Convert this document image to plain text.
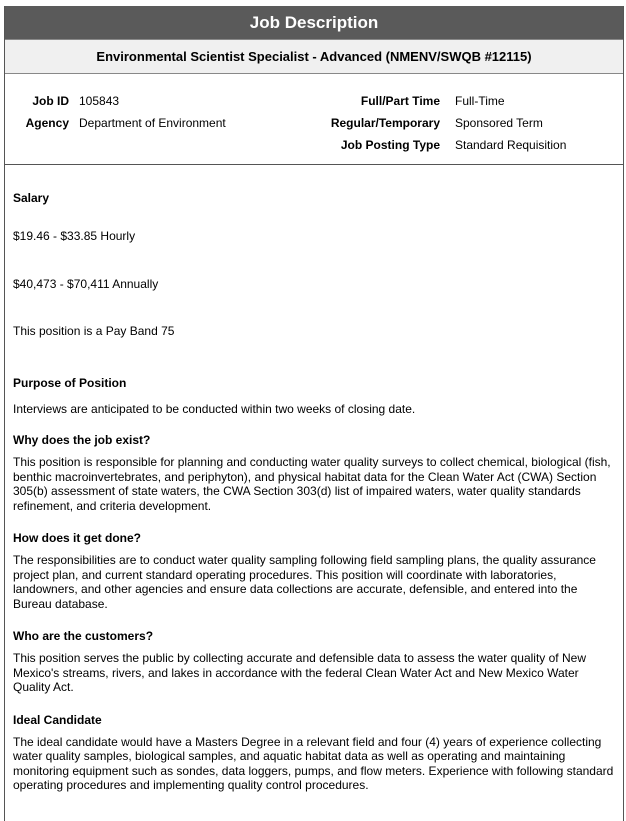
Job Description
Environmental Scientist Specialist - Advanced (NMENV/SWQB #12115)
Job ID 105843
Agency Department of Environment
Full/Part Time Full-Time
Regular/Temporary Sponsored Term
Job Posting Type Standard Requisition
Salary
$19.46 - $33.85 Hourly
$40,473 - $70,411 Annually
This position is a Pay Band 75
Purpose of Position
Interviews are anticipated to be conducted within two weeks of closing date.
Why does the job exist?
This position is responsible for planning and conducting water quality surveys to collect chemical, biological (fish, benthic macroinvertebrates, and periphyton), and physical habitat data for the Clean Water Act (CWA) Section 305(b) assessment of state waters, the CWA Section 303(d) list of impaired waters, water quality standards refinement, and criteria development.
How does it get done?
The responsibilities are to conduct water quality sampling following field sampling plans, the quality assurance project plan, and current standard operating procedures. This position will coordinate with laboratories, landowners, and other agencies and ensure data collections are accurate, defensible, and entered into the Bureau database.
Who are the customers?
This position serves the public by collecting accurate and defensible data to assess the water quality of New Mexico's streams, rivers, and lakes in accordance with the federal Clean Water Act and New Mexico Water Quality Act.
Ideal Candidate
The ideal candidate would have a Masters Degree in a relevant field and four (4) years of experience collecting water quality samples, biological samples, and aquatic habitat data as well as operating and maintaining monitoring equipment such as sondes, data loggers, pumps, and flow meters. Experience with following standard operating procedures and implementing quality control procedures.
